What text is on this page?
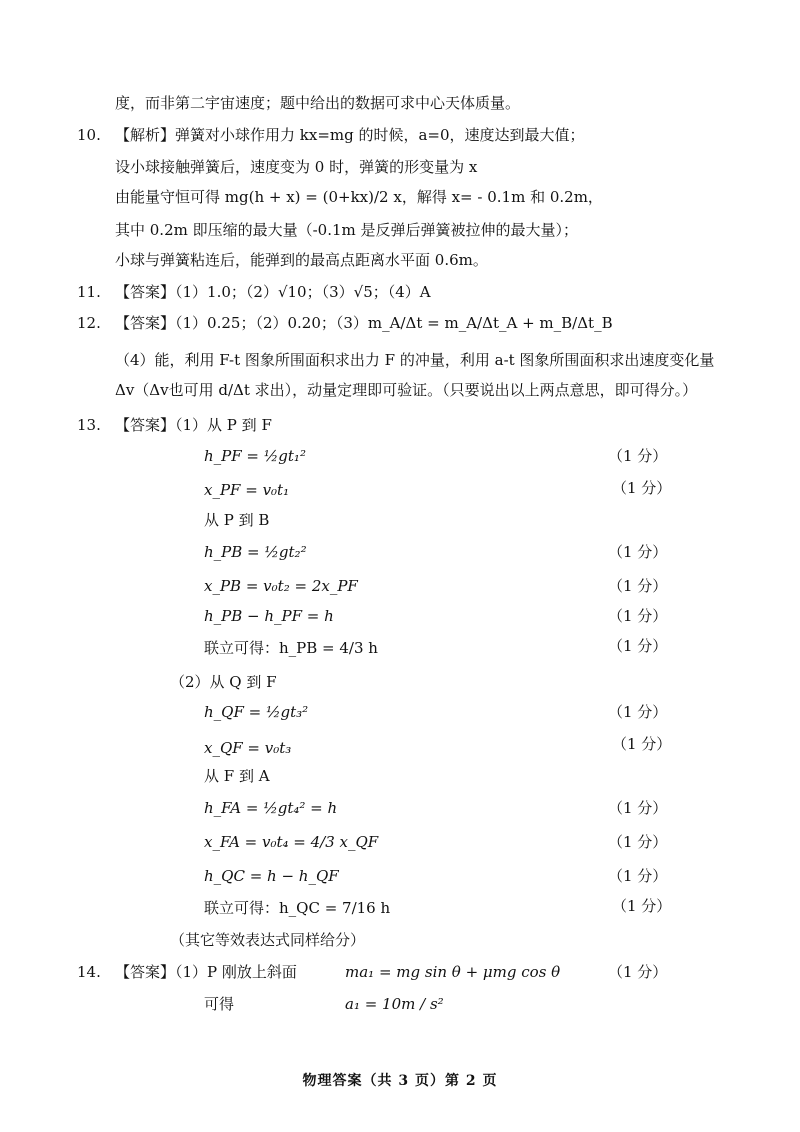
度，而非第二宇宙速度；题中给出的数据可求中心天体质量。
10. 【解析】弹簧对小球作用力 kx=mg 的时候，a=0，速度达到最大值；
设小球接触弹簧后，速度变为 0 时，弹簧的形变量为 x
由能量守恒可得 mg(h + x) = (0+kx)/2 x，解得 x= - 0.1m 和 0.2m，
其中 0.2m 即压缩的最大量（-0.1m 是反弹后弹簧被拉伸的最大量）；
小球与弹簧粘连后，能弹到的最高点距离水平面 0.6m。
11. 【答案】（1）1.0；（2）√10；（3）√5；（4）A
12. 【答案】（1）0.25；（2）0.20；（3）m_A/Δt = m_A/Δt_A + m_B/Δt_B
（4）能，利用 F-t 图象所围面积求出力 F 的冲量，利用 a-t 图象所围面积求出速度变化量
Δv（Δv也可用 d/Δt 求出），动量定理即可验证。（只要说出以上两点意思，即可得分。）
13. 【答案】（1）从 P 到 F
h_PF = ½gt₁²	（1 分）
x_PF = v₀t₁	（1 分）
从 P 到 B
h_PB = ½gt₂²	（1 分）
x_PB = v₀t₂ = 2x_PF	（1 分）
h_PB − h_PF = h	（1 分）
联立可得：h_PB = 4/3 h	（1 分）
（2）从 Q 到 F
h_QF = ½gt₃²	（1 分）
x_QF = v₀t₃	（1 分）
从 F 到 A
h_FA = ½gt₄² = h	（1 分）
x_FA = v₀t₄ = 4/3 x_QF	（1 分）
h_QC = h − h_QF	（1 分）
联立可得：h_QC = 7/16 h	（1 分）
（其它等效表达式同样给分）
14. 【答案】（1）P 刚放上斜面	ma₁ = mg sin θ + μmg cos θ	（1 分）
可得	a₁ = 10m / s²
物理答案（共 3 页）第 2 页
